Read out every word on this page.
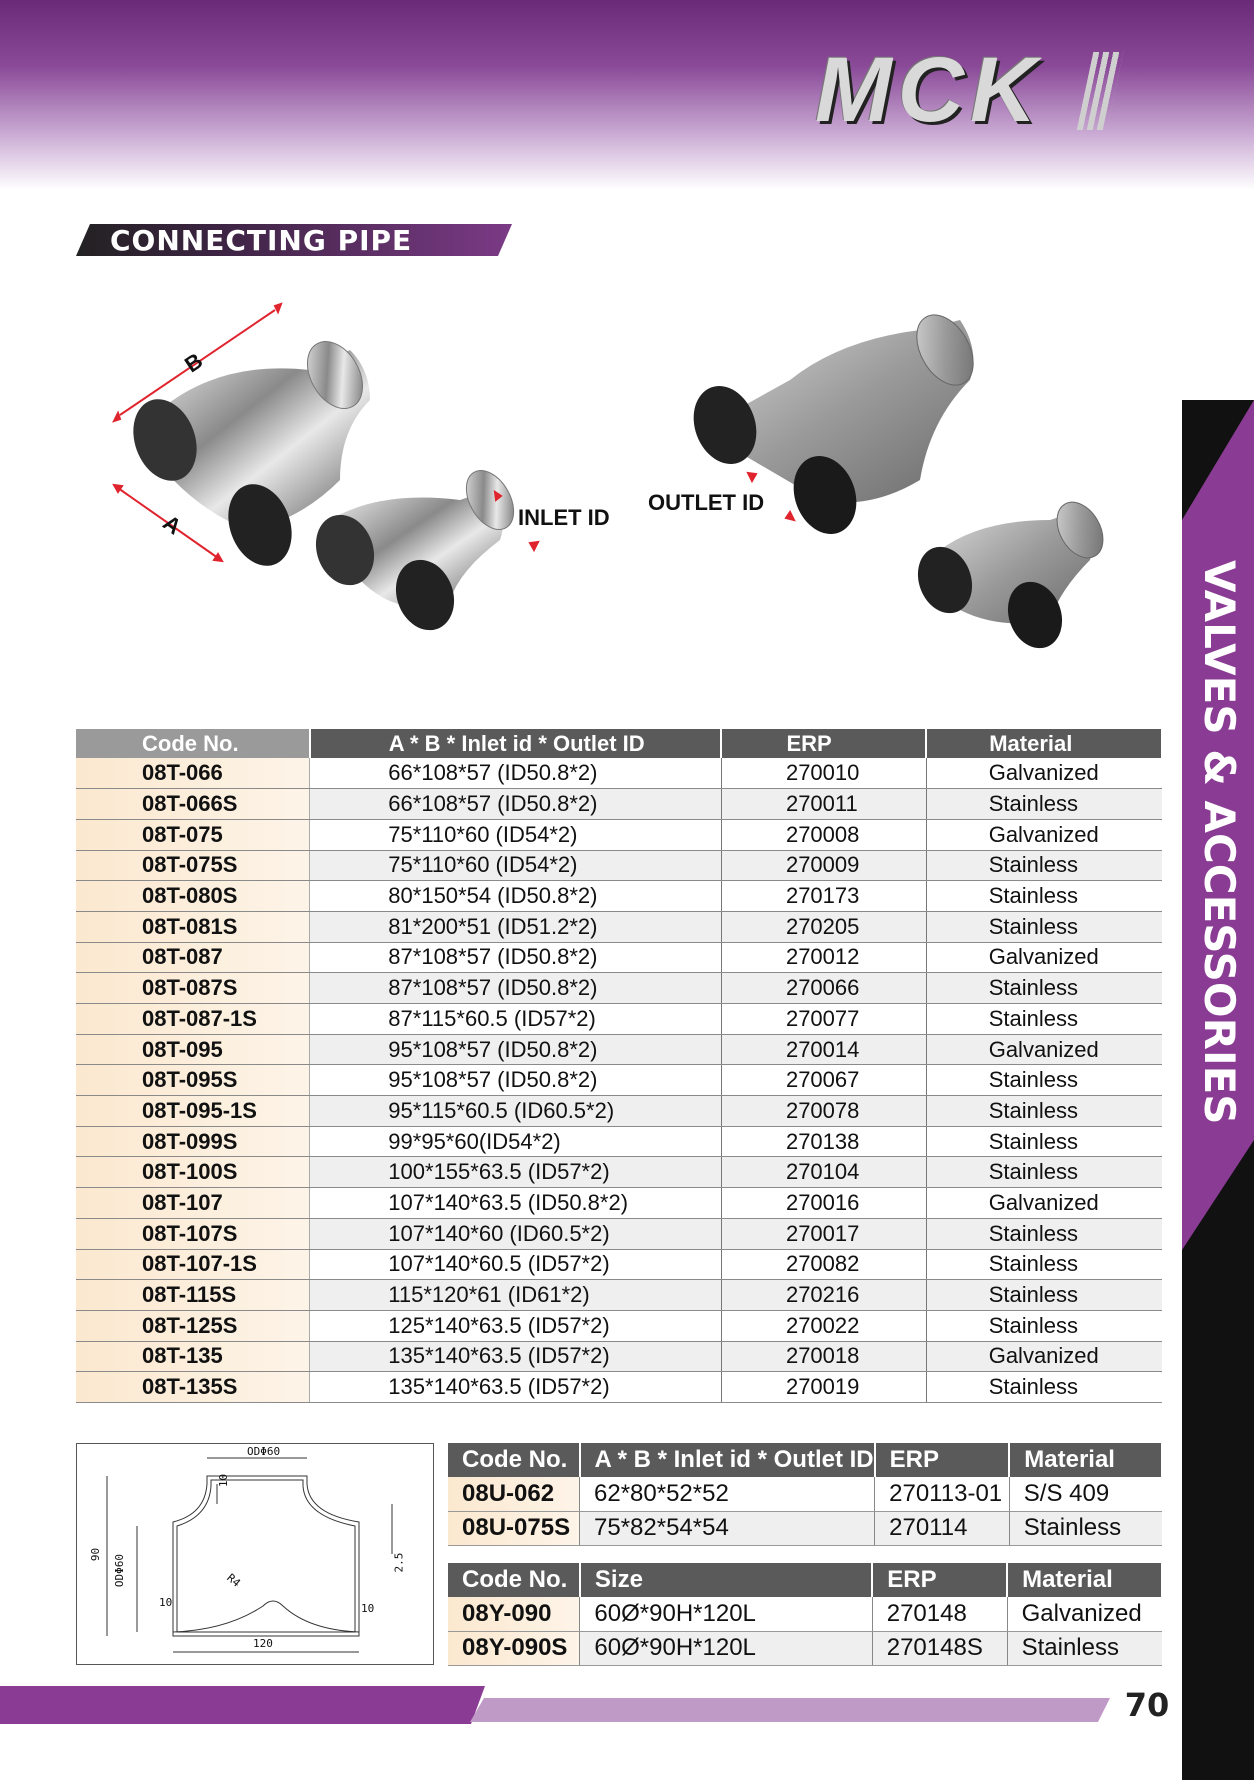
MCK
CONNECTING PIPE
VALVES & ACCESSORIES
B
A	INLET ID
OUTLET ID
Code No.	A * B * Inlet id * Outlet ID	ERP	Material
08T-066	66*108*57 (ID50.8*2)	270010	Galvanized
08T-066S	66*108*57 (ID50.8*2)	270011	Stainless
08T-075	75*110*60 (ID54*2)	270008	Galvanized
08T-075S	75*110*60 (ID54*2)	270009	Stainless
08T-080S	80*150*54 (ID50.8*2)	270173	Stainless
08T-081S	81*200*51 (ID51.2*2)	270205	Stainless
08T-087	87*108*57 (ID50.8*2)	270012	Galvanized
08T-087S	87*108*57 (ID50.8*2)	270066	Stainless
08T-087-1S	87*115*60.5 (ID57*2)	270077	Stainless
08T-095	95*108*57 (ID50.8*2)	270014	Galvanized
08T-095S	95*108*57 (ID50.8*2)	270067	Stainless
08T-095-1S	95*115*60.5 (ID60.5*2)	270078	Stainless
08T-099S	99*95*60(ID54*2)	270138	Stainless
08T-100S	100*155*63.5 (ID57*2)	270104	Stainless
08T-107	107*140*63.5 (ID50.8*2)	270016	Galvanized
08T-107S	107*140*60 (ID60.5*2)	270017	Stainless
08T-107-1S	107*140*60.5 (ID57*2)	270082	Stainless
08T-115S	115*120*61 (ID61*2)	270216	Stainless
08T-125S	125*140*63.5 (ID57*2)	270022	Stainless
08T-135	135*140*63.5 (ID57*2)	270018	Galvanized
08T-135S	135*140*63.5 (ID57*2)	270019	Stainless
ODΦ60
90 ODΦ60
120
R4
2.5
10
10	10
Code No.	A * B * Inlet id * Outlet ID	ERP	Material
08U-062	62*80*52*52	270113-01	S/S 409
08U-075S	75*82*54*54	270114	Stainless
Code No.	Size	ERP	Material
08Y-090	60Ø*90H*120L	270148	Galvanized
08Y-090S	60Ø*90H*120L	270148S	Stainless
70
